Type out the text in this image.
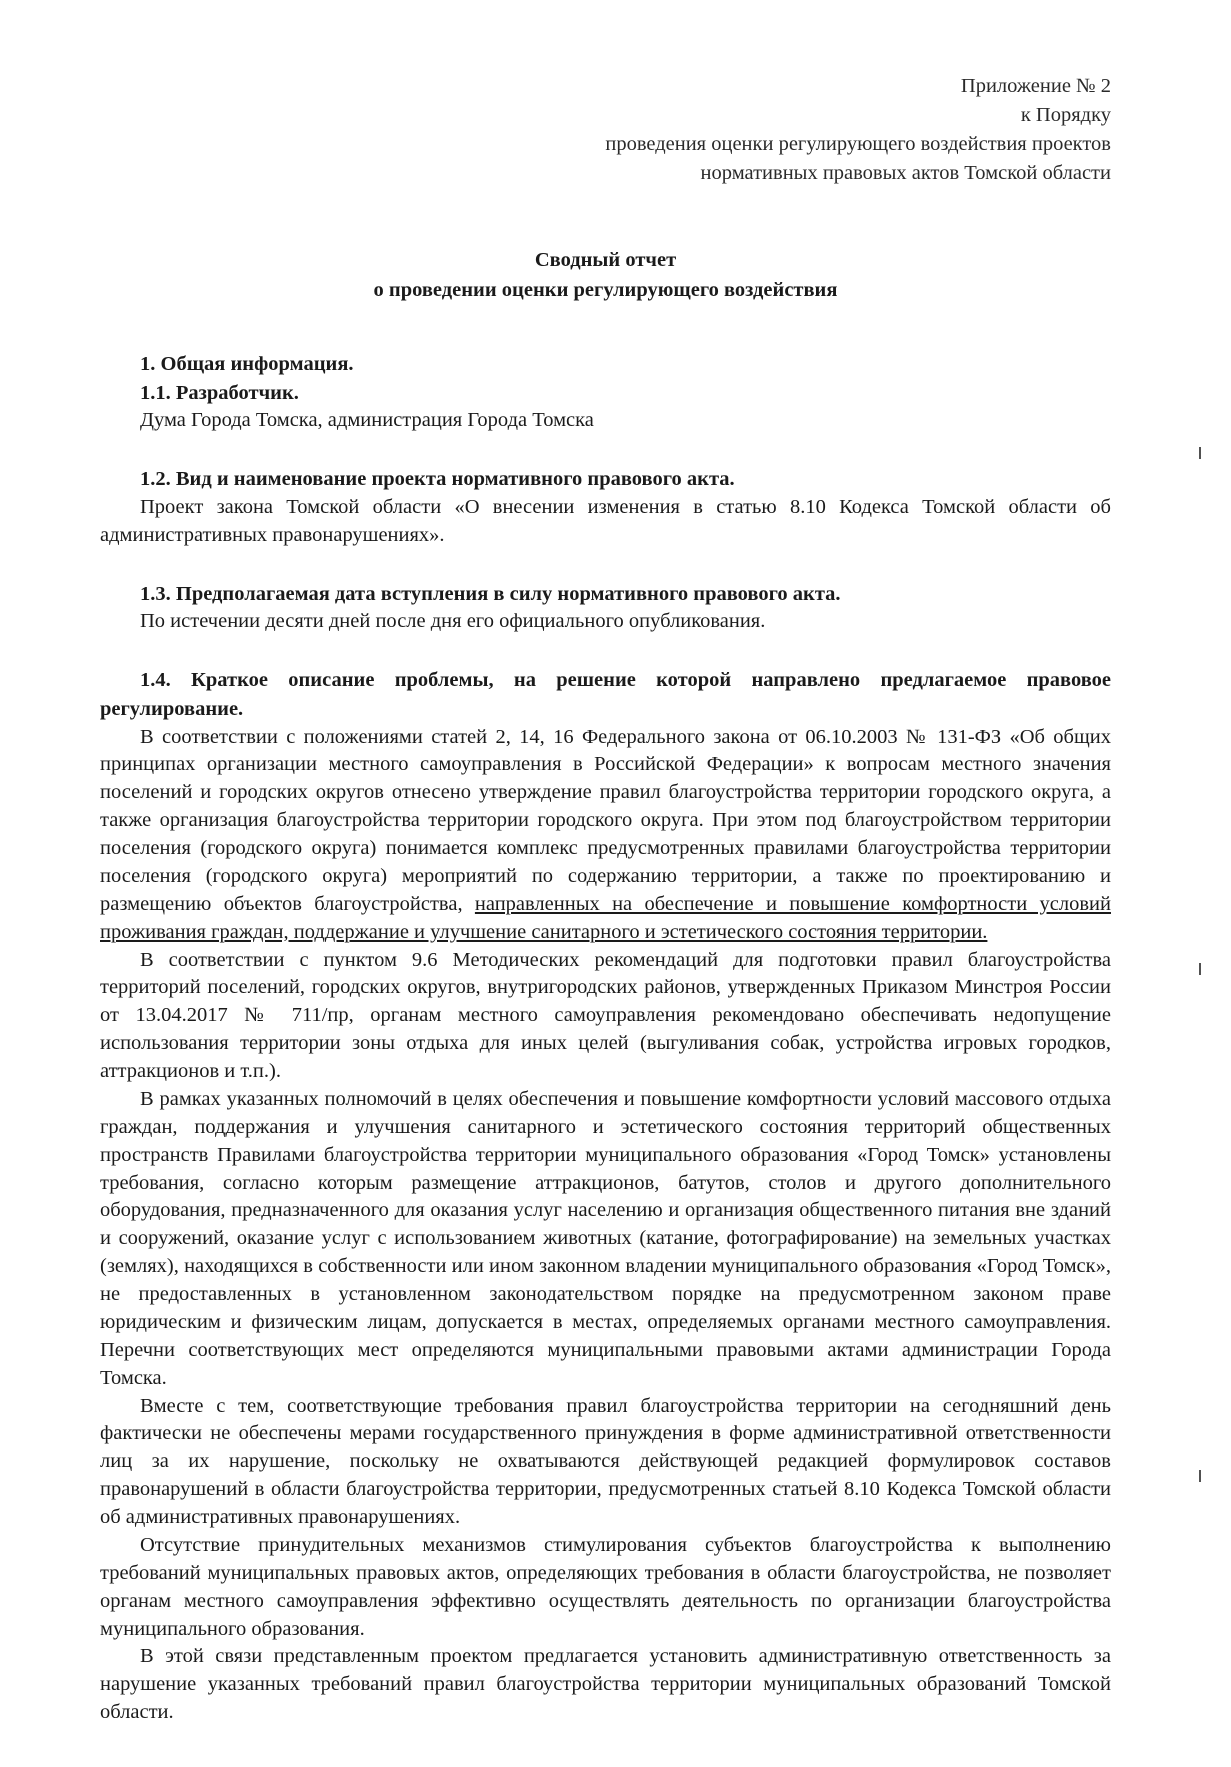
Приложение № 2
к Порядку
проведения оценки регулирующего воздействия проектов
нормативных правовых актов Томской области
Сводный отчет
о проведении оценки регулирующего воздействия

1. Общая информация.

1.1. Разработчик.

Дума Города Томска, администрация Города Томска

1.2. Вид и наименование проекта нормативного правового акта.

Проект закона Томской области «О внесении изменения в статью 8.10 Кодекса Томской области об административных правонарушениях».

1.3. Предполагаемая дата вступления в силу нормативного правового акта.

По истечении десяти дней после дня его официального опубликования.

1.4. Краткое описание проблемы, на решение которой направлено предлагаемое правовое регулирование.

В соответствии с положениями статей 2, 14, 16 Федерального закона от 06.10.2003 № 131-ФЗ «Об общих принципах организации местного самоуправления в Российской Федерации» к вопросам местного значения поселений и городских округов отнесено утверждение правил благоустройства территории городского округа, а также организация благоустройства территории городского округа. При этом под благоустройством территории поселения (городского округа) понимается комплекс предусмотренных правилами благоустройства территории поселения (городского округа) мероприятий по содержанию территории, а также по проектированию и размещению объектов благоустройства, направленных на обеспечение и повышение комфортности условий проживания граждан, поддержание и улучшение санитарного и эстетического состояния территории.

В соответствии с пунктом 9.6 Методических рекомендаций для подготовки правил благоустройства территорий поселений, городских округов, внутригородских районов, утвержденных Приказом Минстроя России от 13.04.2017 № 711/пр, органам местного самоуправления рекомендовано обеспечивать недопущение использования территории зоны отдыха для иных целей (выгуливания собак, устройства игровых городков, аттракционов и т.п.).

В рамках указанных полномочий в целях обеспечения и повышение комфортности условий массового отдыха граждан, поддержания и улучшения санитарного и эстетического состояния территорий общественных пространств Правилами благоустройства территории муниципального образования «Город Томск» установлены требования, согласно которым размещение аттракционов, батутов, столов и другого дополнительного оборудования, предназначенного для оказания услуг населению и организация общественного питания вне зданий и сооружений, оказание услуг с использованием животных (катание, фотографирование) на земельных участках (землях), находящихся в собственности или ином законном владении муниципального образования «Город Томск», не предоставленных в установленном законодательством порядке на предусмотренном законом праве юридическим и физическим лицам, допускается в местах, определяемых органами местного самоуправления. Перечни соответствующих мест определяются муниципальными правовыми актами администрации Города Томска.

Вместе с тем, соответствующие требования правил благоустройства территории на сегодняшний день фактически не обеспечены мерами государственного принуждения в форме административной ответственности лиц за их нарушение, поскольку не охватываются действующей редакцией формулировок составов правонарушений в области благоустройства территории, предусмотренных статьей 8.10 Кодекса Томской области об административных правонарушениях.

Отсутствие принудительных механизмов стимулирования субъектов благоустройства к выполнению требований муниципальных правовых актов, определяющих требования в области благоустройства, не позволяет органам местного самоуправления эффективно осуществлять деятельность по организации благоустройства муниципального образования.

В этой связи представленным проектом предлагается установить административную ответственность за нарушение указанных требований правил благоустройства территории муниципальных образований Томской области.
